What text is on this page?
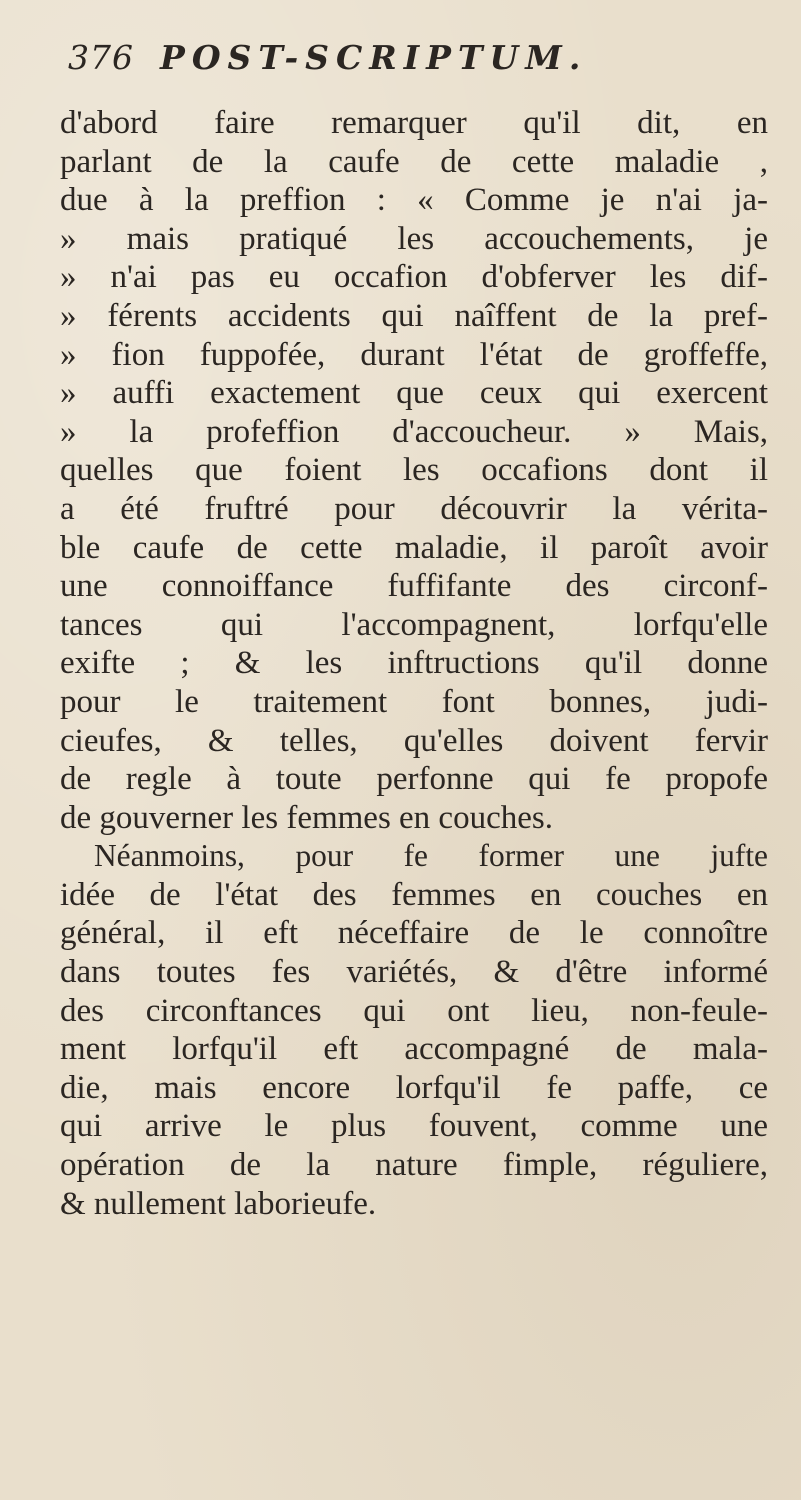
376 POST-SCRIPTUM.
d'abord faire remarquer qu'il dit, en
parlant de la caufe de cette maladie ,
due à la preffion : « Comme je n'ai ja-
» mais pratiqué les accouchements, je
» n'ai pas eu occafion d'obferver les dif-
» férents accidents qui naîffent de la pref-
» fion fuppofée, durant l'état de groffeffe,
» auffi exactement que ceux qui exercent
» la profeffion d'accoucheur. » Mais,
quelles que foient les occafions dont il
a été fruftré pour découvrir la vérita-
ble caufe de cette maladie, il paroît avoir
une connoiffance fuffifante des circonf-
tances qui l'accompagnent, lorfqu'elle
exifte ; & les inftructions qu'il donne
pour le traitement font bonnes, judi-
cieufes, & telles, qu'elles doivent fervir
de regle à toute perfonne qui fe propofe
de gouverner les femmes en couches.
Néanmoins, pour fe former une jufte
idée de l'état des femmes en couches en
général, il eft néceffaire de le connoître
dans toutes fes variétés, & d'être informé
des circonftances qui ont lieu, non-feule-
ment lorfqu'il eft accompagné de mala-
die, mais encore lorfqu'il fe paffe, ce
qui arrive le plus fouvent, comme une
opération de la nature fimple, réguliere,
& nullement laborieufe.
